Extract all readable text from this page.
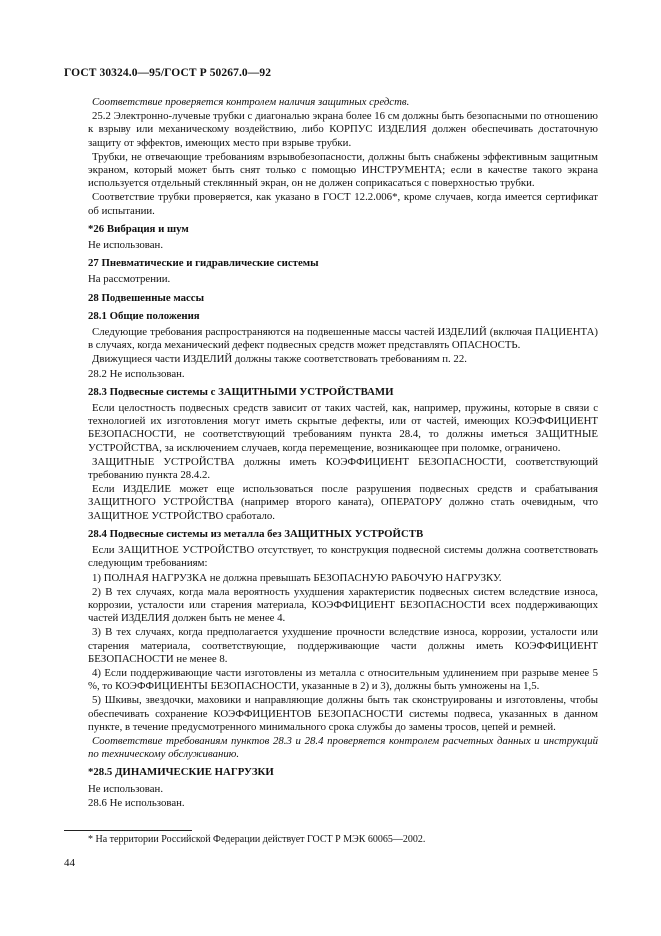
ГОСТ 30324.0—95/ГОСТ Р 50267.0—92

Соответствие проверяется контролем наличия защитных средств.

25.2 Электронно-лучевые трубки с диагональю экрана более 16 см должны быть безопасными по отношению к взрыву или механическому воздействию, либо КОРПУС ИЗДЕЛИЯ должен обеспечивать достаточную защиту от эффектов, имеющих место при взрыве трубки.

Трубки, не отвечающие требованиям взрывобезопасности, должны быть снабжены эффективным защитным экраном, который может быть снят только с помощью ИНСТРУМЕНТА; если в качестве такого экрана используется отдельный стеклянный экран, он не должен соприкасаться с поверхностью трубки.

Соответствие трубки проверяется, как указано в ГОСТ 12.2.006*, кроме случаев, когда имеется сертификат об испытании.

*26 Вибрация и шум

Не использован.

27 Пневматические и гидравлические системы

На рассмотрении.

28 Подвешенные массы

28.1 Общие положения

Следующие требования распространяются на подвешенные массы частей ИЗДЕЛИЙ (включая ПАЦИЕНТА) в случаях, когда механический дефект подвесных средств может представлять ОПАСНОСТЬ.

Движущиеся части ИЗДЕЛИЙ должны также соответствовать требованиям п. 22.

28.2 Не использован.

28.3 Подвесные системы с ЗАЩИТНЫМИ УСТРОЙСТВАМИ

Если целостность подвесных средств зависит от таких частей, как, например, пружины, которые в связи с технологией их изготовления могут иметь скрытые дефекты, или от частей, имеющих КОЭФФИЦИЕНТ БЕЗОПАСНОСТИ, не соответствующий требованиям пункта 28.4, то должны иметься ЗАЩИТНЫЕ УСТРОЙСТВА, за исключением случаев, когда перемещение, возникающее при поломке, ограничено.

ЗАЩИТНЫЕ УСТРОЙСТВА должны иметь КОЭФФИЦИЕНТ БЕЗОПАСНОСТИ, соответствующий требованию пункта 28.4.2.

Если ИЗДЕЛИЕ может еще использоваться после разрушения подвесных средств и срабатывания ЗАЩИТНОГО УСТРОЙСТВА (например второго каната), ОПЕРАТОРУ должно стать очевидным, что ЗАЩИТНОЕ УСТРОЙСТВО сработало.

28.4 Подвесные системы из металла без ЗАЩИТНЫХ УСТРОЙСТВ

Если ЗАЩИТНОЕ УСТРОЙСТВО отсутствует, то конструкция подвесной системы должна соответствовать следующим требованиям:

1) ПОЛНАЯ НАГРУЗКА не должна превышать БЕЗОПАСНУЮ РАБОЧУЮ НАГРУЗКУ.

2) В тех случаях, когда мала вероятность ухудшения характеристик подвесных систем вследствие износа, коррозии, усталости или старения материала, КОЭФФИЦИЕНТ БЕЗОПАСНОСТИ всех поддерживающих частей ИЗДЕЛИЯ должен быть не менее 4.

3) В тех случаях, когда предполагается ухудшение прочности вследствие износа, коррозии, усталости или старения материала, соответствующие, поддерживающие части должны иметь КОЭФФИЦИЕНТ БЕЗОПАСНОСТИ не менее 8.

4) Если поддерживающие части изготовлены из металла с относительным удлинением при разрыве менее 5 %, то КОЭФФИЦИЕНТЫ БЕЗОПАСНОСТИ, указанные в 2) и 3), должны быть умножены на 1,5.

5) Шкивы, звездочки, маховики и направляющие должны быть так сконструированы и изготовлены, чтобы обеспечивать сохранение КОЭФФИЦИЕНТОВ БЕЗОПАСНОСТИ системы подвеса, указанных в данном пункте, в течение предусмотренного минимального срока службы до замены тросов, цепей и ремней.

Соответствие требованиям пунктов 28.3 и 28.4 проверяется контролем расчетных данных и инструкций по техническому обслуживанию.

*28.5 ДИНАМИЧЕСКИЕ НАГРУЗКИ

Не использован.

28.6 Не использован.

* На территории Российской Федерации действует ГОСТ Р МЭК 60065—2002.
44
